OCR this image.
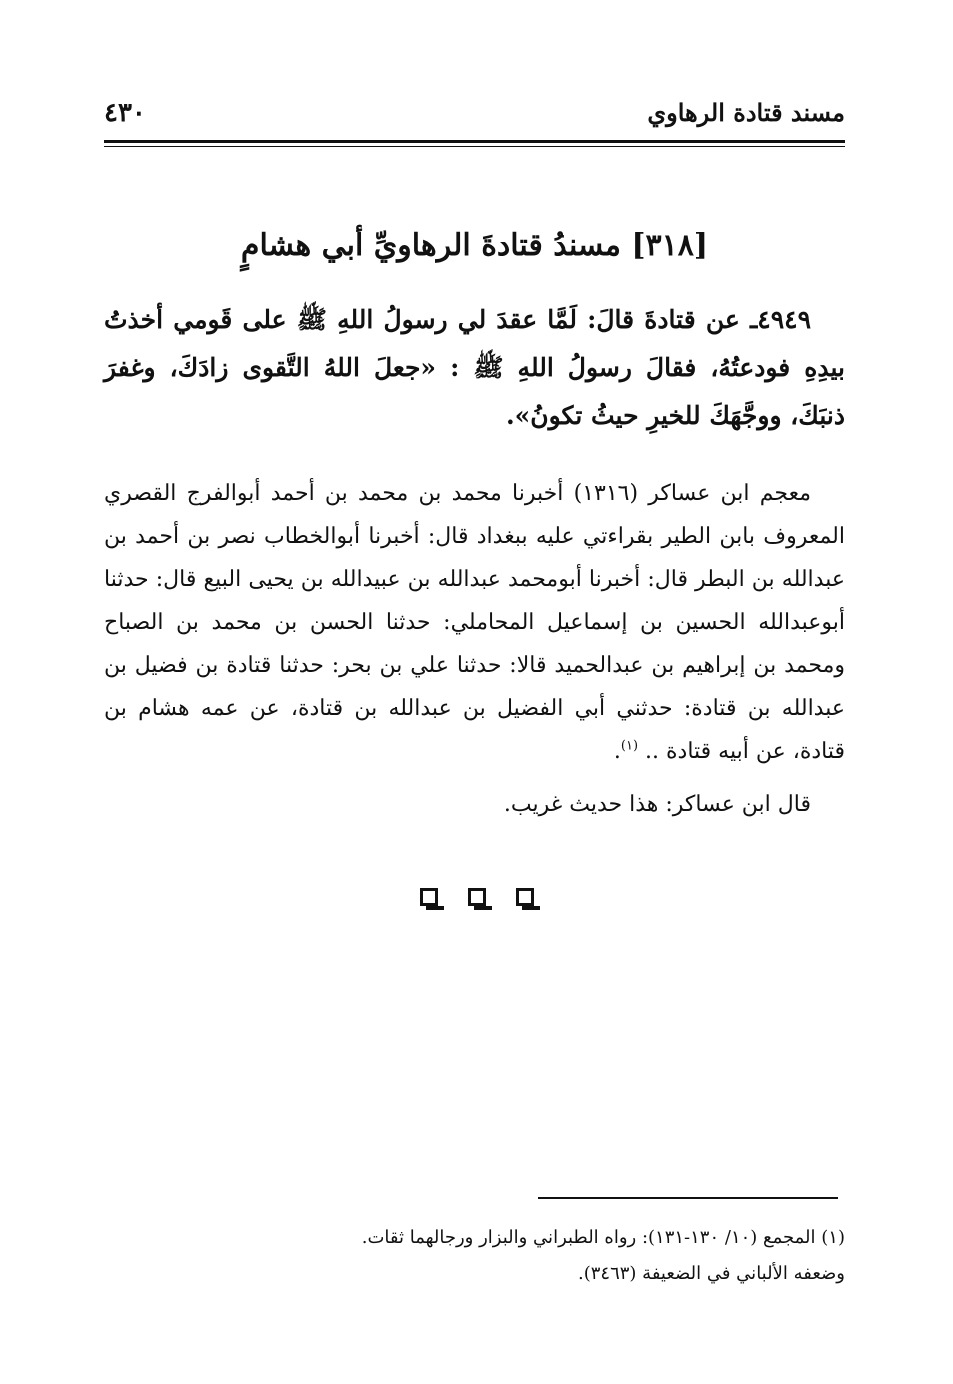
مسند قتادة الرهاوي
٤٣٠
[٣١٨] مسندُ قتادةَ الرهاويِّ أبي هشامٍ

٤٩٤٩ـ عن قتادةَ قالَ: لَمَّا عقدَ لي رسولُ اللهِ ﷺ على قَومي أخذتُ بيدِهِ فودعتُهُ، فقالَ رسولُ اللهِ ﷺ : «جعلَ اللهُ التَّقوى زادَكَ، وغفرَ ذنبَكَ، ووجَّهَكَ للخيرِ حيثُ تكونُ».

معجم ابن عساكر (١٣١٦) أخبرنا محمد بن محمد بن أحمد أبوالفرج القصري المعروف بابن الطير بقراءتي عليه ببغداد قال: أخبرنا أبوالخطاب نصر بن أحمد بن عبدالله بن البطر قال: أخبرنا أبومحمد عبدالله بن عبيدالله بن يحيى البيع قال: حدثنا أبوعبدالله الحسين بن إسماعيل المحاملي: حدثنا الحسن بن محمد بن الصباح ومحمد بن إبراهيم بن عبدالحميد قالا: حدثنا علي بن بحر: حدثنا قتادة بن فضيل بن عبدالله بن قتادة: حدثني أبي الفضيل بن عبدالله بن قتادة، عن عمه هشام بن قتادة، عن أبيه قتادة .. $^{(١)}$.

قال ابن عساكر: هذا حديث غريب.

(١) المجمع (١٠/ ١٣٠-١٣١): رواه الطبراني والبزار ورجالهما ثقات.

وضعفه الألباني في الضعيفة (٣٤٦٣).
